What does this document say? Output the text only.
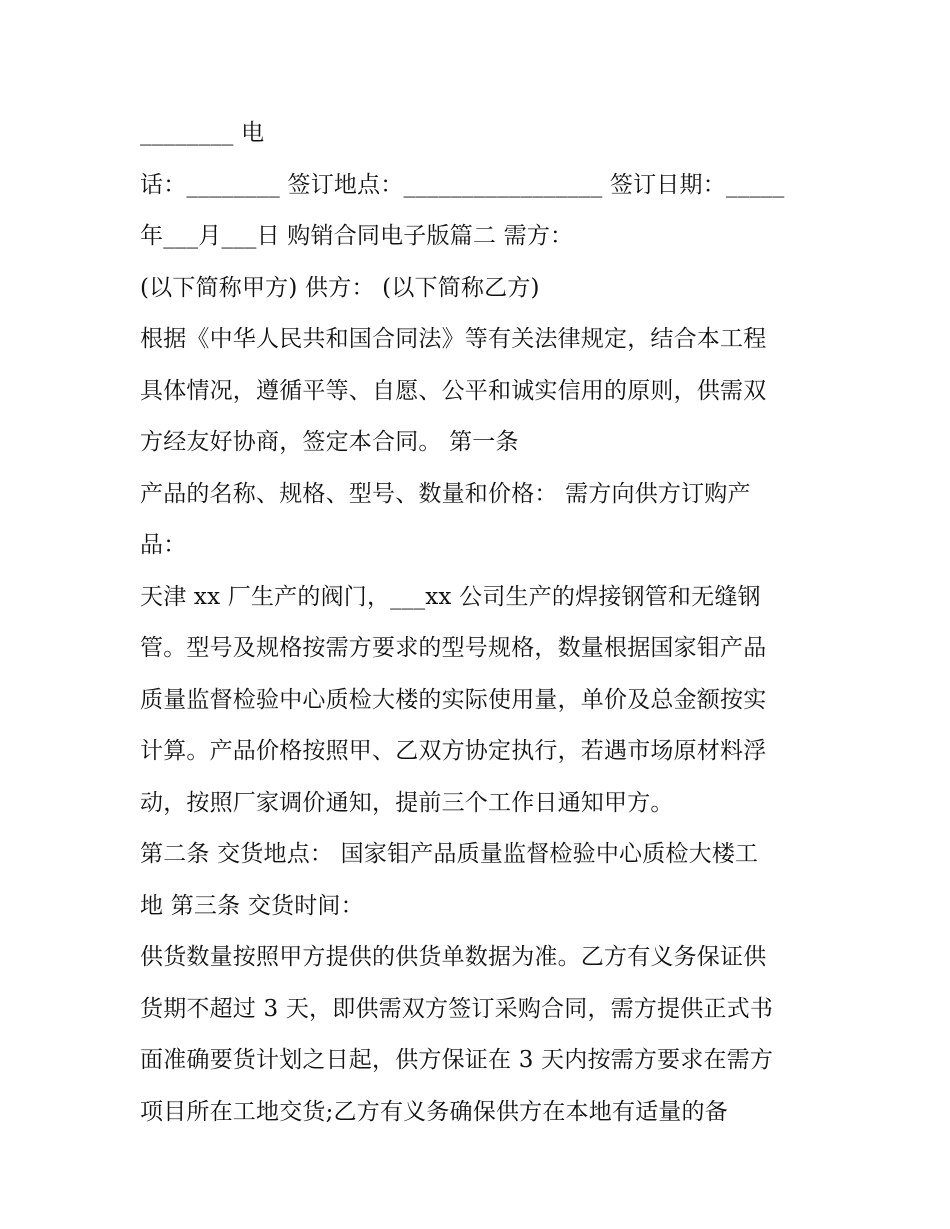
________ 电
话：________ 签订地点：_________________ 签订日期：_____
年___月___日 购销合同电子版篇二 需方：
(以下简称甲方) 供方： (以下简称乙方)
根据《中华人民共和国合同法》等有关法律规定，结合本工程
具体情况，遵循平等、自愿、公平和诚实信用的原则，供需双
方经友好协商，签定本合同。 第一条
产品的名称、规格、型号、数量和价格： 需方向供方订购产
品：
天津 xx 厂生产的阀门，___xx 公司生产的焊接钢管和无缝钢
管。型号及规格按需方要求的型号规格，数量根据国家钼产品
质量监督检验中心质检大楼的实际使用量，单价及总金额按实
计算。产品价格按照甲、乙双方协定执行，若遇市场原材料浮
动，按照厂家调价通知，提前三个工作日通知甲方。
第二条 交货地点： 国家钼产品质量监督检验中心质检大楼工
地 第三条 交货时间：
供货数量按照甲方提供的供货单数据为准。乙方有义务保证供
货期不超过 3 天，即供需双方签订采购合同，需方提供正式书
面准确要货计划之日起，供方保证在 3 天内按需方要求在需方
项目所在工地交货;乙方有义务确保供方在本地有适量的备
